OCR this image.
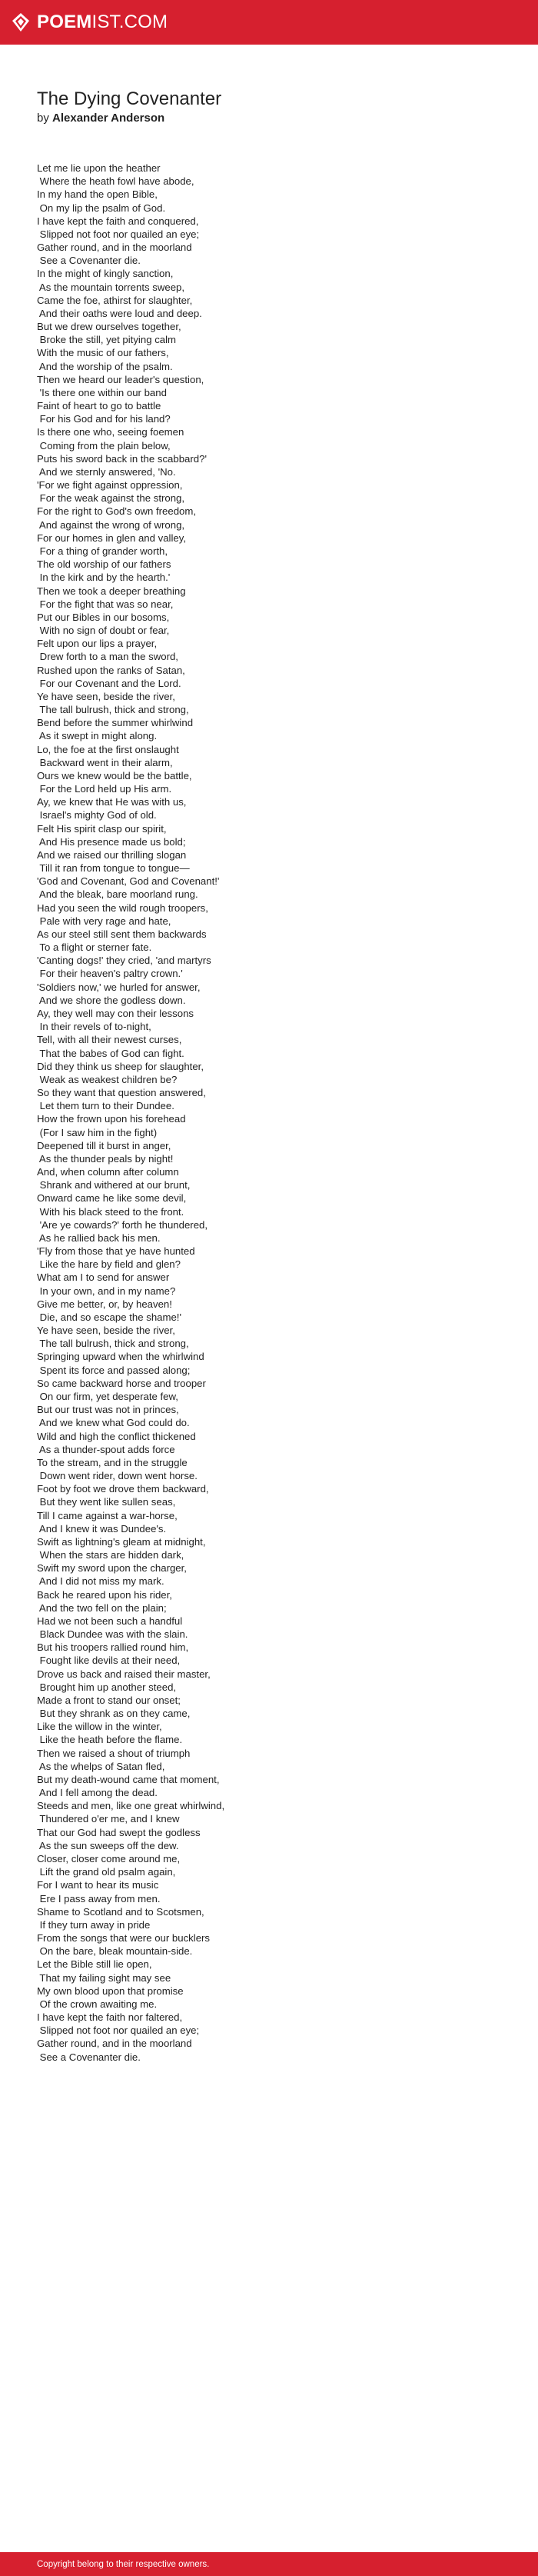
POEMIST.COM
The Dying Covenanter
by Alexander Anderson
Let me lie upon the heather
Where the heath fowl have abode,
In my hand the open Bible,
On my lip the psalm of God.
I have kept the faith and conquered,
Slipped not foot nor quailed an eye;
Gather round, and in the moorland
See a Covenanter die.
In the might of kingly sanction,
As the mountain torrents sweep,
Came the foe, athirst for slaughter,
And their oaths were loud and deep.
But we drew ourselves together,
Broke the still, yet pitying calm
With the music of our fathers,
And the worship of the psalm.
Then we heard our leader's question,
'Is there one within our band
Faint of heart to go to battle
For his God and for his land?
Is there one who, seeing foemen
Coming from the plain below,
Puts his sword back in the scabbard?'
And we sternly answered, 'No.
'For we fight against oppression,
For the weak against the strong,
For the right to God's own freedom,
And against the wrong of wrong,
For our homes in glen and valley,
For a thing of grander worth,
The old worship of our fathers
In the kirk and by the hearth.'
Then we took a deeper breathing
For the fight that was so near,
Put our Bibles in our bosoms,
With no sign of doubt or fear,
Felt upon our lips a prayer,
Drew forth to a man the sword,
Rushed upon the ranks of Satan,
For our Covenant and the Lord.
Ye have seen, beside the river,
The tall bulrush, thick and strong,
Bend before the summer whirlwind
As it swept in might along.
Lo, the foe at the first onslaught
Backward went in their alarm,
Ours we knew would be the battle,
For the Lord held up His arm.
Ay, we knew that He was with us,
Israel's mighty God of old.
Felt His spirit clasp our spirit,
And His presence made us bold;
And we raised our thrilling slogan
Till it ran from tongue to tongue—
'God and Covenant, God and Covenant!'
And the bleak, bare moorland rung.
Had you seen the wild rough troopers,
Pale with very rage and hate,
As our steel still sent them backwards
To a flight or sterner fate.
'Canting dogs!' they cried, 'and martyrs
For their heaven's paltry crown.'
'Soldiers now,' we hurled for answer,
And we shore the godless down.
Ay, they well may con their lessons
In their revels of to-night,
Tell, with all their newest curses,
That the babes of God can fight.
Did they think us sheep for slaughter,
Weak as weakest children be?
So they want that question answered,
Let them turn to their Dundee.
How the frown upon his forehead
(For I saw him in the fight)
Deepened till it burst in anger,
As the thunder peals by night!
And, when column after column
Shrank and withered at our brunt,
Onward came he like some devil,
With his black steed to the front.
'Are ye cowards?' forth he thundered,
As he rallied back his men.
'Fly from those that ye have hunted
Like the hare by field and glen?
What am I to send for answer
In your own, and in my name?
Give me better, or, by heaven!
Die, and so escape the shame!'
Ye have seen, beside the river,
The tall bulrush, thick and strong,
Springing upward when the whirlwind
Spent its force and passed along;
So came backward horse and trooper
On our firm, yet desperate few,
But our trust was not in princes,
And we knew what God could do.
Wild and high the conflict thickened
As a thunder-spout adds force
To the stream, and in the struggle
Down went rider, down went horse.
Foot by foot we drove them backward,
But they went like sullen seas,
Till I came against a war-horse,
And I knew it was Dundee's.
Swift as lightning's gleam at midnight,
When the stars are hidden dark,
Swift my sword upon the charger,
And I did not miss my mark.
Back he reared upon his rider,
And the two fell on the plain;
Had we not been such a handful
Black Dundee was with the slain.
But his troopers rallied round him,
Fought like devils at their need,
Drove us back and raised their master,
Brought him up another steed,
Made a front to stand our onset;
But they shrank as on they came,
Like the willow in the winter,
Like the heath before the flame.
Then we raised a shout of triumph
As the whelps of Satan fled,
But my death-wound came that moment,
And I fell among the dead.
Steeds and men, like one great whirlwind,
Thundered o'er me, and I knew
That our God had swept the godless
As the sun sweeps off the dew.
Closer, closer come around me,
Lift the grand old psalm again,
For I want to hear its music
Ere I pass away from men.
Shame to Scotland and to Scotsmen,
If they turn away in pride
From the songs that were our bucklers
On the bare, bleak mountain-side.
Let the Bible still lie open,
That my failing sight may see
My own blood upon that promise
Of the crown awaiting me.
I have kept the faith nor faltered,
Slipped not foot nor quailed an eye;
Gather round, and in the moorland
See a Covenanter die.
Copyright belong to their respective owners.
